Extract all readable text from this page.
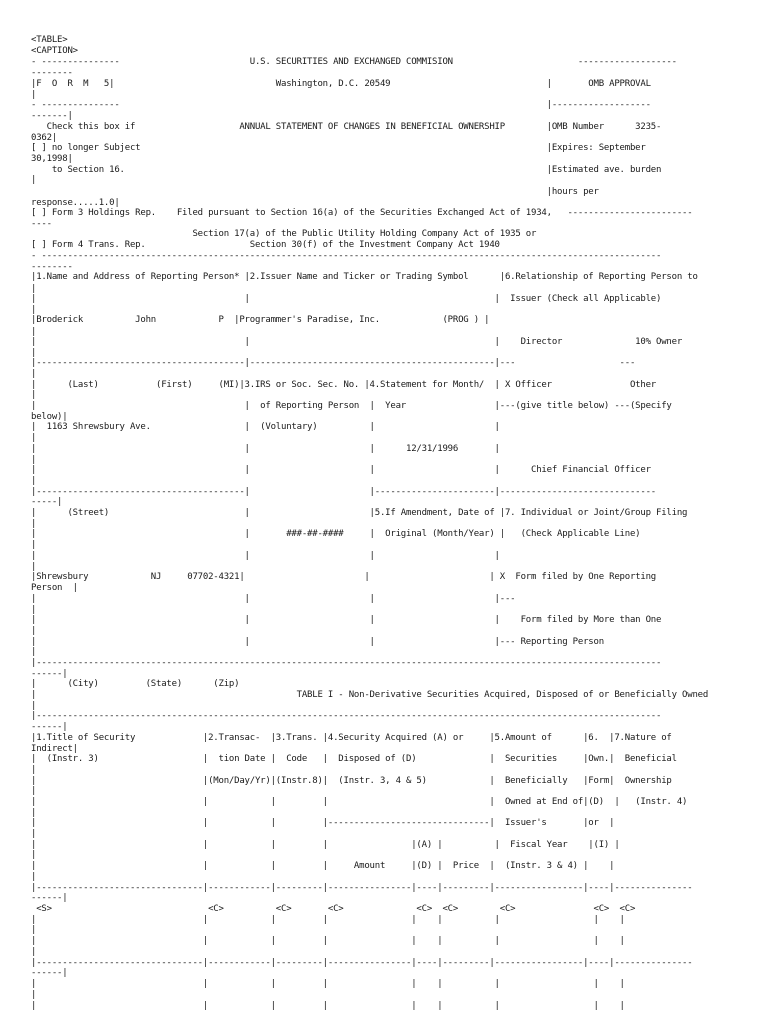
<TABLE>
<CAPTION>
- ---------------                         U.S. SECURITIES AND EXCHANGED COMMISION                        -------------------
--------
|F  O  R  M   5|                               Washington, D.C. 20549                              |       OMB APPROVAL
|
- ---------------                                                                                  |-------------------
-------|
Check this box if                    ANNUAL STATEMENT OF CHANGES IN BENEFICIAL OWNERSHIP        |OMB Number      3235-
0362|
[ ] no longer Subject                                                                              |Expires: September
30,1998|
to Section 16.                                                                                 |Estimated ave. burden
|
|hours per
response.....1.0|
[ ] Form 3 Holdings Rep.    Filed pursuant to Section 16(a) of the Securities Exchanged Act of 1934,   ------------------------
----
Section 17(a) of the Public Utility Holding Company Act of 1935 or
[ ] Form 4 Trans. Rep.                    Section 30(f) of the Investment Company Act 1940
- -----------------------------------------------------------------------------------------------------------------------
--------
|1.Name and Address of Reporting Person* |2.Issuer Name and Ticker or Trading Symbol      |6.Relationship of Reporting Person to
|
|                                        |                                               |  Issuer (Check all Applicable)
|
|Broderick          John            P  |Programmer's Paradise, Inc.            (PROG ) |
|
|                                        |                                               |    Director              10% Owner
|
|----------------------------------------|-----------------------------------------------|---                    ---
|
|      (Last)           (First)     (MI)|3.IRS or Soc. Sec. No. |4.Statement for Month/  | X Officer               Other
|
|                                        |  of Reporting Person  |  Year                 |---(give title below) ---(Specify
below)|
|  1163 Shrewsbury Ave.                  |  (Voluntary)          |                       |
|
|                                        |                       |      12/31/1996       |
|
|                                        |                       |                       |      Chief Financial Officer
|
|----------------------------------------|                       |-----------------------|------------------------------
-----|
|      (Street)                          |                       |5.If Amendment, Date of |7. Individual or Joint/Group Filing
|
|                                        |       ###-##-####     |  Original (Month/Year) |   (Check Applicable Line)
|
|                                        |                       |                       |
|
|Shrewsbury            NJ     07702-4321|                       |                       | X  Form filed by One Reporting
Person  |
|                                        |                       |                       |---
|
|                                        |                       |                       |    Form filed by More than One
|
|                                        |                       |                       |--- Reporting Person
|
|------------------------------------------------------------------------------------------------------------------------
------|
|      (City)         (State)      (Zip)
|                                                  TABLE I - Non-Derivative Securities Acquired, Disposed of or Beneficially Owned
|
|------------------------------------------------------------------------------------------------------------------------
------|
|1.Title of Security             |2.Transac-  |3.Trans. |4.Security Acquired (A) or     |5.Amount of      |6.  |7.Nature of
Indirect|
|  (Instr. 3)                    |  tion Date |  Code   |  Disposed of (D)              |  Securities     |Own.|  Beneficial
|
|                                |(Mon/Day/Yr)|(Instr.8)|  (Instr. 3, 4 & 5)            |  Beneficially   |Form|  Ownership
|
|                                |            |         |                               |  Owned at End of|(D)  |   (Instr. 4)
|
|                                |            |         |-------------------------------|  Issuer's       |or  |
|
|                                |            |         |                |(A) |          |  Fiscal Year    |(I) |
|
|                                |            |         |     Amount     |(D) |  Price  |  (Instr. 3 & 4) |    |
|
|--------------------------------|------------|---------|----------------|----|---------|-----------------|----|---------------
------|
<S>                              <C>          <C>       <C>              <C>  <C>        <C>               <C>  <C>
|                                |            |         |                |    |          |                  |    |
|
|                                |            |         |                |    |          |                  |    |
|
|--------------------------------|------------|---------|----------------|----|---------|-----------------|----|---------------
------|
|                                |            |         |                |    |          |                  |    |
|
|                                |            |         |                |    |          |                  |    |
